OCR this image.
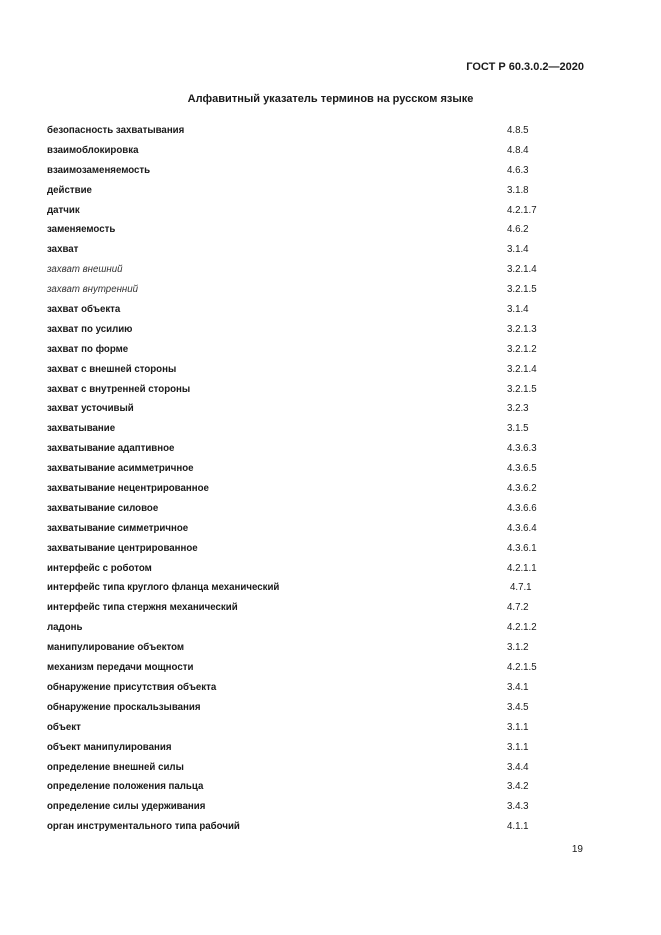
ГОСТ Р 60.3.0.2—2020
Алфавитный указатель терминов на русском языке
безопасность захватывания	4.8.5
взаимоблокировка	4.8.4
взаимозаменяемость	4.6.3
действие	3.1.8
датчик	4.2.1.7
заменяемость	4.6.2
захват	3.1.4
захват внешний	3.2.1.4
захват внутренний	3.2.1.5
захват объекта	3.1.4
захват по усилию	3.2.1.3
захват по форме	3.2.1.2
захват с внешней стороны	3.2.1.4
захват с внутренней стороны	3.2.1.5
захват усточивый	3.2.3
захватывание	3.1.5
захватывание адаптивное	4.3.6.3
захватывание асимметричное	4.3.6.5
захватывание нецентрированное	4.3.6.2
захватывание силовое	4.3.6.6
захватывание симметричное	4.3.6.4
захватывание центрированное	4.3.6.1
интерфейс с роботом	4.2.1.1
интерфейс типа круглого фланца механический	4.7.1
интерфейс типа стержня механический	4.7.2
ладонь	4.2.1.2
манипулирование объектом	3.1.2
механизм передачи мощности	4.2.1.5
обнаружение присутствия объекта	3.4.1
обнаружение проскальзывания	3.4.5
объект	3.1.1
объект манипулирования	3.1.1
определение внешней силы	3.4.4
определение положения пальца	3.4.2
определение силы удерживания	3.4.3
орган инструментального типа рабочий	4.1.1
19
